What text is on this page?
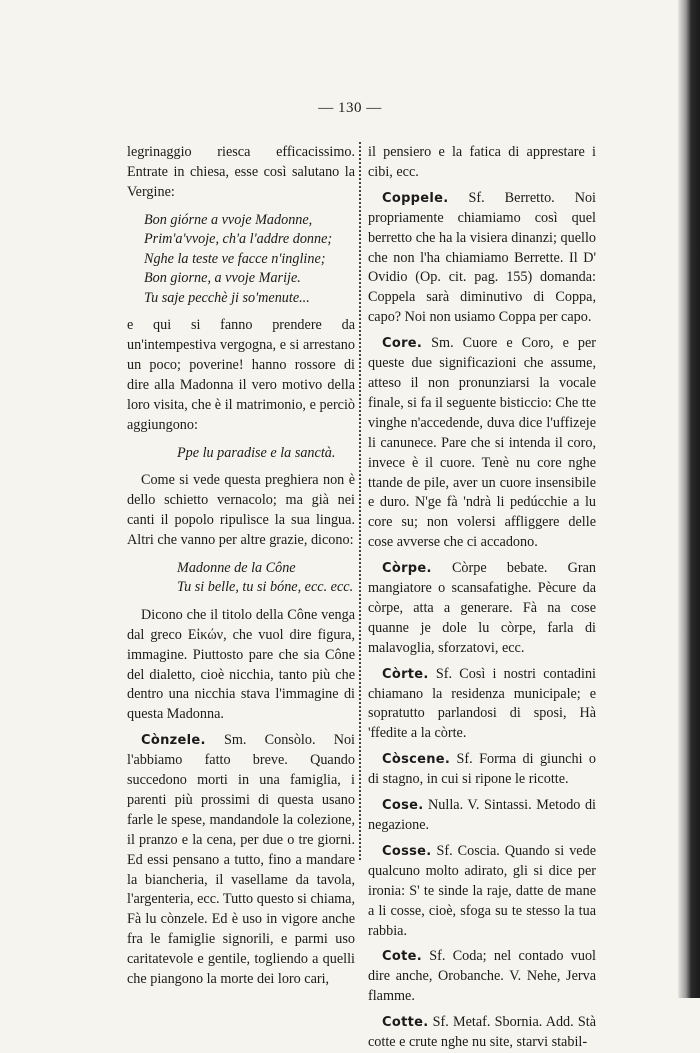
— 130 —

legrinaggio riesca efficacissimo. Entrate in chiesa, esse così salutano la Vergine:

Bon giórne a vvoje Madonne,
Prim'a'vvoje, ch'a l'addre donne;
Nghe la teste ve facce n'ingline;
Bon giorne, a vvoje Marije.
Tu saje pecchè ji so'menute...

e qui si fanno prendere da un'intempestiva vergogna, e si arrestano un poco; poverine! hanno rossore di dire alla Madonna il vero motivo della loro visita, che è il matrimonio, e perciò aggiungono:

Ppe lu paradise e la sanctà.

Come si vede questa preghiera non è dello schietto vernacolo; ma già nei canti il popolo ripulisce la sua lingua. Altri che vanno per altre grazie, dicono:

Madonne de la Cône
Tu si belle, tu si bóne, ecc. ecc.

Dicono che il titolo della Cône venga dal greco Εἰκών, che vuol dire figura, immagine. Piuttosto pare che sia Cône del dialetto, cioè nicchia, tanto più che dentro una nicchia stava l'immagine di questa Madonna.

Cònzele. Sm. Consòlo. Noi l'abbiamo fatto breve. Quando succedono morti in una famiglia, i parenti più prossimi di questa usano farle le spese, mandandole la colezione, il pranzo e la cena, per due o tre giorni. Ed essi pensano a tutto, fino a mandare la biancheria, il vasellame da tavola, l'argenteria, ecc. Tutto questo si chiama, Fà lu cònzele. Ed è uso in vigore anche fra le famiglie signorili, e parmi uso caritatevole e gentile, togliendo a quelli che piangono la morte dei loro cari,

il pensiero e la fatica di apprestare i cibi, ecc.

Coppele. Sf. Berretto. Noi propriamente chiamiamo così quel berretto che ha la visiera dinanzi; quello che non l'ha chiamiamo Berrette. Il D' Ovidio (Op. cit. pag. 155) domanda: Coppela sarà diminutivo di Coppa, capo? Noi non usiamo Coppa per capo.

Core. Sm. Cuore e Coro, e per queste due significazioni che assume, atteso il non pronunziarsi la vocale finale, si fa il seguente bisticcio: Che tte vinghe n'accedende, duva dice l'uffizeje li canunece. Pare che si intenda il coro, invece è il cuore. Tenè nu core nghe ttande de pile, aver un cuore insensibile e duro. N'ge fà 'ndrà li pedúcchie a lu core su; non volersi affliggere delle cose avverse che ci accadono.

Còrpe. Còrpe bebate. Gran mangiatore o scansafatighe. Pècure da còrpe, atta a generare. Fà na cose quanne je dole lu còrpe, farla di malavoglia, sforzatovi, ecc.

Còrte. Sf. Così i nostri contadini chiamano la residenza municipale; e sopratutto parlandosi di sposi, Hà 'ffedite a la còrte.

Còscene. Sf. Forma di giunchi o di stagno, in cui si ripone le ricotte.

Cose. Nulla. V. Sintassi. Metodo di negazione.

Cosse. Sf. Coscia. Quando si vede qualcuno molto adirato, gli si dice per ironia: S' te sinde la raje, datte de mane a li cosse, cioè, sfoga su te stesso la tua rabbia.

Cote. Sf. Coda; nel contado vuol dire anche, Orobanche. V. Nehe, Jerva flamme.

Cotte. Sf. Metaf. Sbornia. Add. Stà cotte e crute nghe nu site, starvi stabil-
